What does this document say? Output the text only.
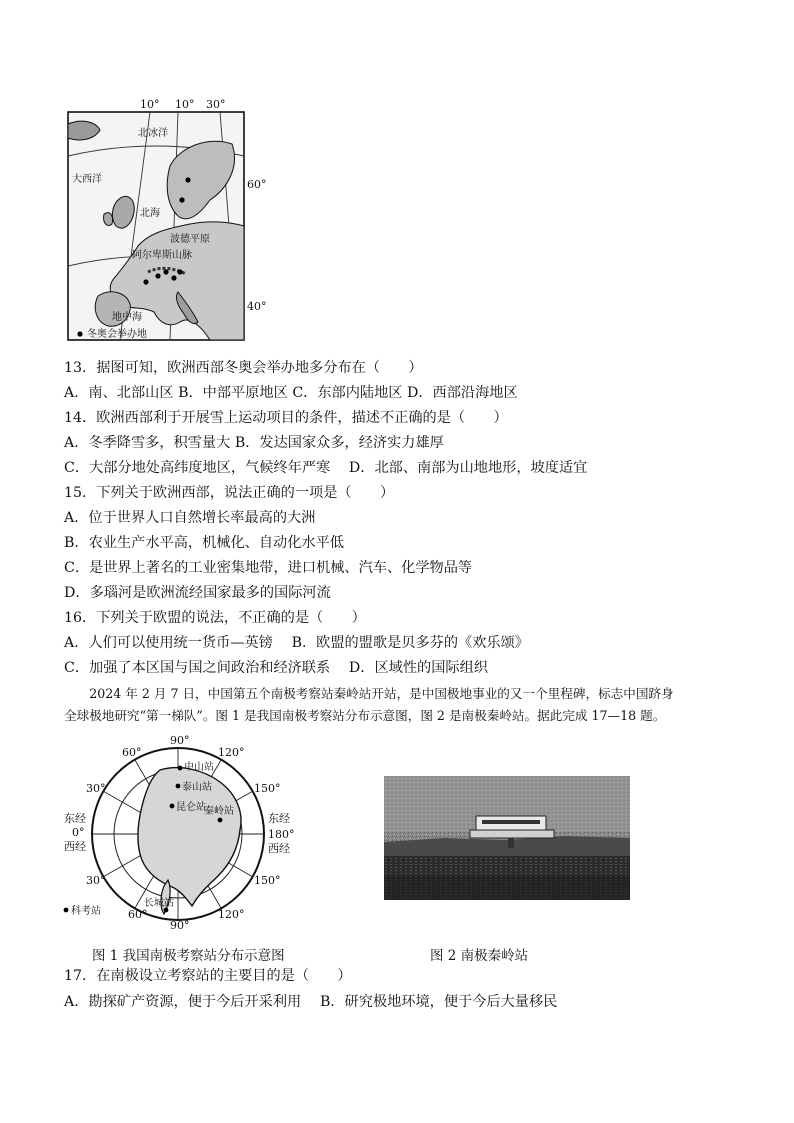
10° 10° 30°
60°
40°
北冰洋
大西洋
北海
波德平原
阿尔卑斯山脉
地中海
冬奥会举办地
13．据图可知，欧洲西部冬奥会举办地多分布在（　　）
A．南、北部山区 B．中部平原地区 C．东部内陆地区 D．西部沿海地区
14．欧洲西部利于开展雪上运动项目的条件，描述不正确的是（　　）
A．冬季降雪多，积雪量大 B．发达国家众多，经济实力雄厚
C．大部分地处高纬度地区，气候终年严寒　 D．北部、南部为山地地形，坡度适宜
15．下列关于欧洲西部，说法正确的一项是（　　）
A．位于世界人口自然增长率最高的大洲
B．农业生产水平高，机械化、自动化水平低
C．是世界上著名的工业密集地带，进口机械、汽车、化学物品等
D．多瑙河是欧洲流经国家最多的国际河流
16．下列关于欧盟的说法，不正确的是（　　）
A．人们可以使用统一货币—英镑　 B．欧盟的盟歌是贝多芬的《欢乐颂》
C．加强了本区国与国之间政治和经济联系　 D．区域性的国际组织
　　2024 年 2 月 7 日，中国第五个南极考察站秦岭站开站，是中国极地事业的又一个里程碑，标志中国跻身
全球极地研究“第一梯队”。图 1 是我国南极考察站分布示意图，图 2 是南极秦岭站。据此完成 17—18 题。
中山站
泰山站
昆仑站
秦岭站
长城站
90°
60°	120°
30°	150°
东经
0°
西经
180°
东经
西经
30°	150°
60°	120°
90°
科考站
图 1 我国南极考察站分布示意图	图 2 南极秦岭站
17．在南极设立考察站的主要目的是（　　）
A．勘探矿产资源，便于今后开采利用　 B．研究极地环境，便于今后大量移民
